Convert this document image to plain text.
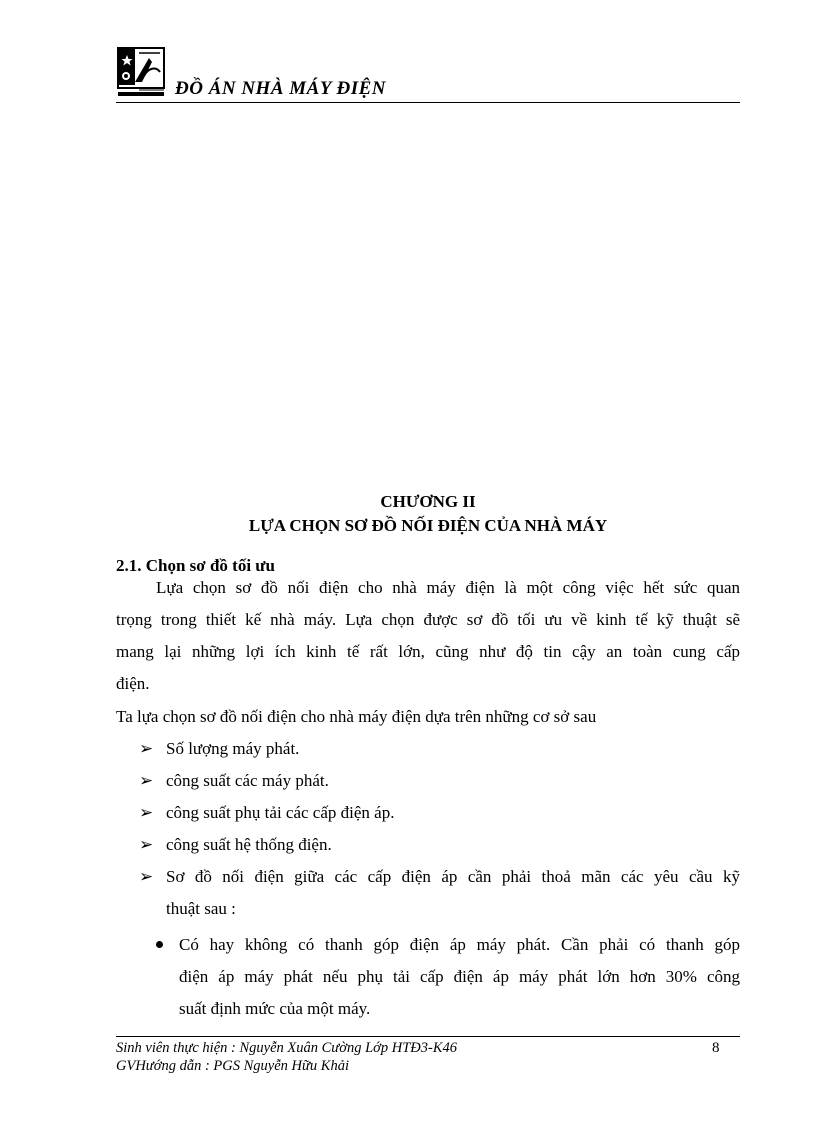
ĐỒ ÁN NHÀ MÁY ĐIỆN
CHƯƠNG II
LỰA CHỌN SƠ ĐỒ NỐI ĐIỆN CỦA NHÀ MÁY
2.1. Chọn sơ đồ tối ưu
Lựa chọn sơ đồ nối điện cho nhà máy điện là một công việc hết sức quan
trọng trong thiết kế nhà máy. Lựa chọn được sơ đồ tối ưu về kinh tế kỹ thuật sẽ
mang lại những lợi ích kinh tế rất lớn, cũng như độ tin cậy an toàn cung cấp
điện.
Ta lựa chọn sơ đồ nối điện cho nhà máy điện dựa trên những cơ sở sau
➢ Số lượng máy phát.
➢ công suất các máy phát.
➢ công suất phụ tải các cấp điện áp.
➢ công suất hệ thống điện.
➢ Sơ đồ nối điện giữa các cấp điện áp cần phải thoả mãn các yêu cầu kỹ
thuật sau :
Có hay không có thanh góp điện áp máy phát. Cần phải có thanh góp
điện áp máy phát nếu phụ tải cấp điện áp máy phát lớn hơn 30% công
suất định mức của một máy.
Sinh viên thực hiện : Nguyễn Xuân Cường Lớp HTĐ3-K46
GVHướng dẫn : PGS Nguyễn Hữu Khải
8
